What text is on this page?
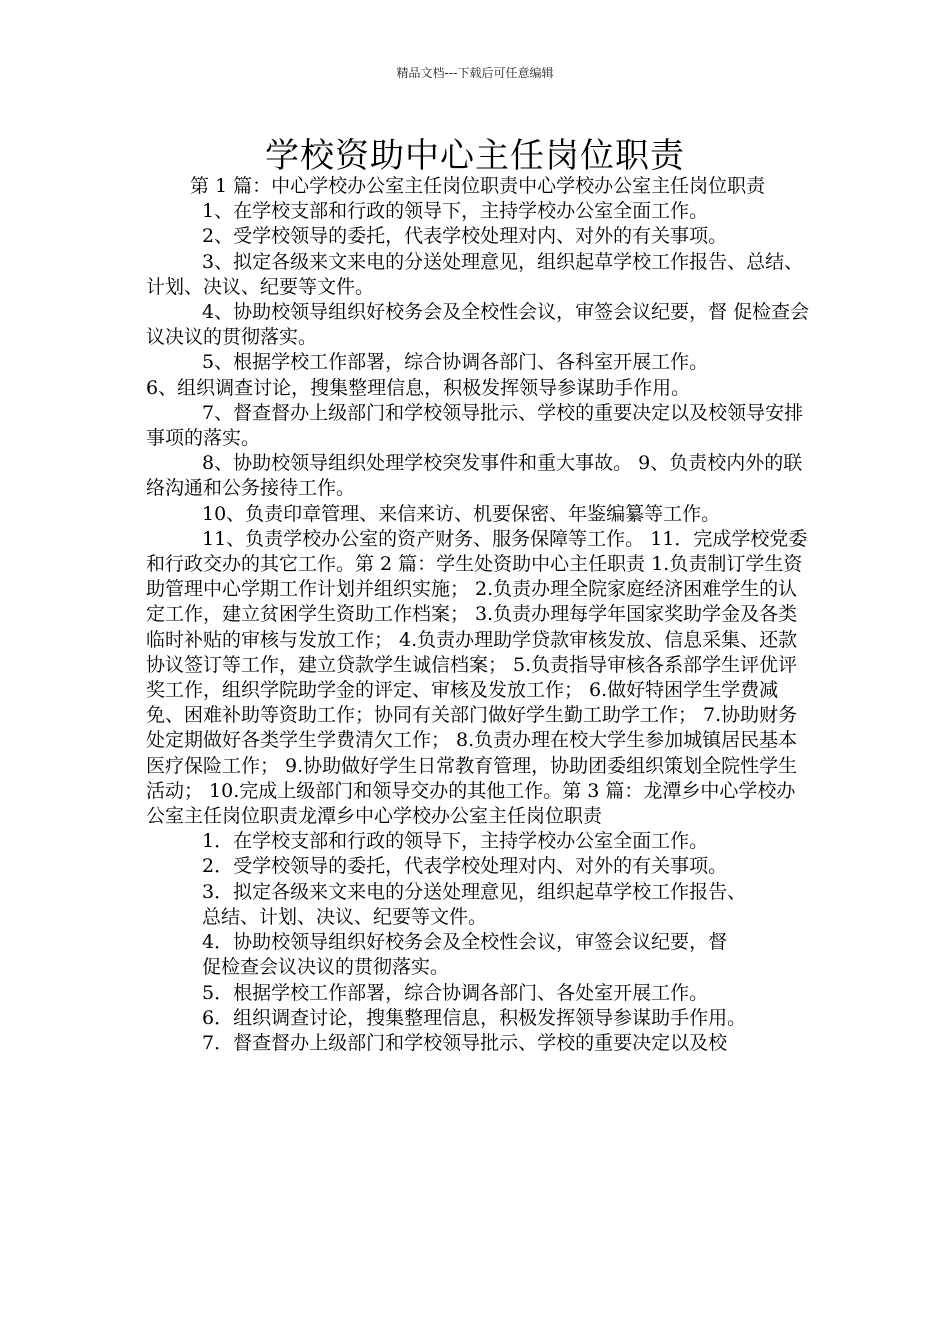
精品文档---下载后可任意编辑
学校资助中心主任岗位职责

第 1 篇：中心学校办公室主任岗位职责中心学校办公室主任岗位职责

1、在学校支部和行政的领导下，主持学校办公室全面工作。

2、受学校领导的委托，代表学校处理对内、对外的有关事项。

3、拟定各级来文来电的分送处理意见，组织起草学校工作报告、总结、计划、决议、纪要等文件。

4、协助校领导组织好校务会及全校性会议，审签会议纪要，督 促检查会议决议的贯彻落实。

5、根据学校工作部署，综合协调各部门、各科室开展工作。

6、组织调查讨论，搜集整理信息，积极发挥领导参谋助手作用。

7、督查督办上级部门和学校领导批示、学校的重要决定以及校领导安排事项的落实。

8、协助校领导组织处理学校突发事件和重大事故。 9、负责校内外的联络沟通和公务接待工作。

10、负责印章管理、来信来访、机要保密、年鉴编纂等工作。

11、负责学校办公室的资产财务、服务保障等工作。 11．完成学校党委和行政交办的其它工作。第 2 篇：学生处资助中心主任职责 1.负责制订学生资助管理中心学期工作计划并组织实施； 2.负责办理全院家庭经济困难学生的认定工作，建立贫困学生资助工作档案； 3.负责办理每学年国家奖助学金及各类临时补贴的审核与发放工作； 4.负责办理助学贷款审核发放、信息采集、还款协议签订等工作，建立贷款学生诚信档案； 5.负责指导审核各系部学生评优评奖工作，组织学院助学金的评定、审核及发放工作； 6.做好特困学生学费减免、困难补助等资助工作；协同有关部门做好学生勤工助学工作； 7.协助财务处定期做好各类学生学费清欠工作； 8.负责办理在校大学生参加城镇居民基本医疗保险工作； 9.协助做好学生日常教育管理，协助团委组织策划全院性学生活动； 10.完成上级部门和领导交办的其他工作。第 3 篇：龙潭乡中心学校办公室主任岗位职责龙潭乡中心学校办公室主任岗位职责

1．在学校支部和行政的领导下，主持学校办公室全面工作。

2．受学校领导的委托，代表学校处理对内、对外的有关事项。

3．拟定各级来文来电的分送处理意见，组织起草学校工作报告、

总结、计划、决议、纪要等文件。

4．协助校领导组织好校务会及全校性会议，审签会议纪要，督

促检查会议决议的贯彻落实。

5．根据学校工作部署，综合协调各部门、各处室开展工作。

6．组织调查讨论，搜集整理信息，积极发挥领导参谋助手作用。

7．督查督办上级部门和学校领导批示、学校的重要决定以及校
